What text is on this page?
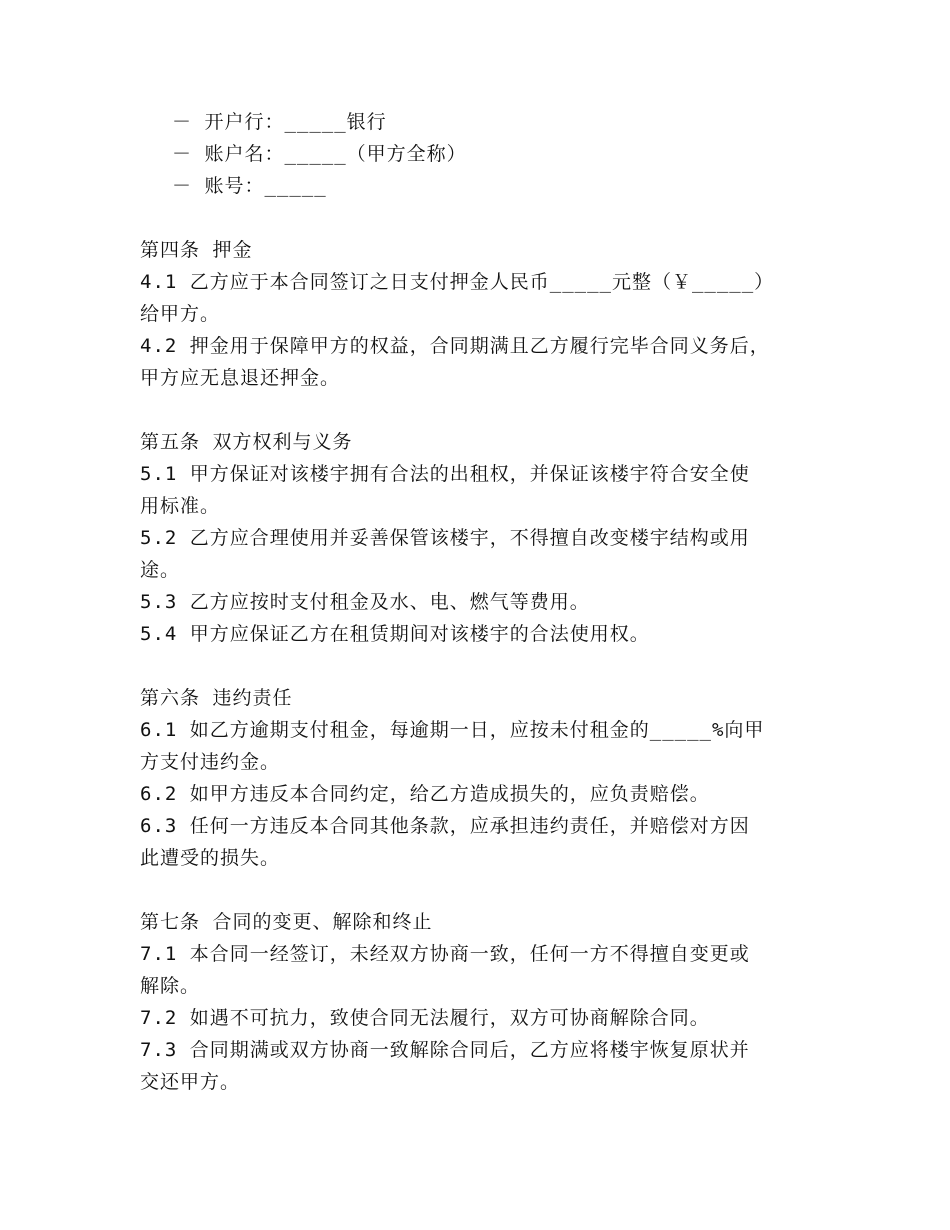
－ 开户行：_____银行
－ 账户名：_____（甲方全称）
－ 账号：_____
第四条 押金
4.1 乙方应于本合同签订之日支付押金人民币_____元整（￥_____）
给甲方。
4.2 押金用于保障甲方的权益，合同期满且乙方履行完毕合同义务后，
甲方应无息退还押金。
第五条 双方权利与义务
5.1 甲方保证对该楼宇拥有合法的出租权，并保证该楼宇符合安全使
用标准。
5.2 乙方应合理使用并妥善保管该楼宇，不得擅自改变楼宇结构或用
途。
5.3 乙方应按时支付租金及水、电、燃气等费用。
5.4 甲方应保证乙方在租赁期间对该楼宇的合法使用权。
第六条 违约责任
6.1 如乙方逾期支付租金，每逾期一日，应按未付租金的_____%向甲
方支付违约金。
6.2 如甲方违反本合同约定，给乙方造成损失的，应负责赔偿。
6.3 任何一方违反本合同其他条款，应承担违约责任，并赔偿对方因
此遭受的损失。
第七条 合同的变更、解除和终止
7.1 本合同一经签订，未经双方协商一致，任何一方不得擅自变更或
解除。
7.2 如遇不可抗力，致使合同无法履行，双方可协商解除合同。
7.3 合同期满或双方协商一致解除合同后，乙方应将楼宇恢复原状并
交还甲方。
